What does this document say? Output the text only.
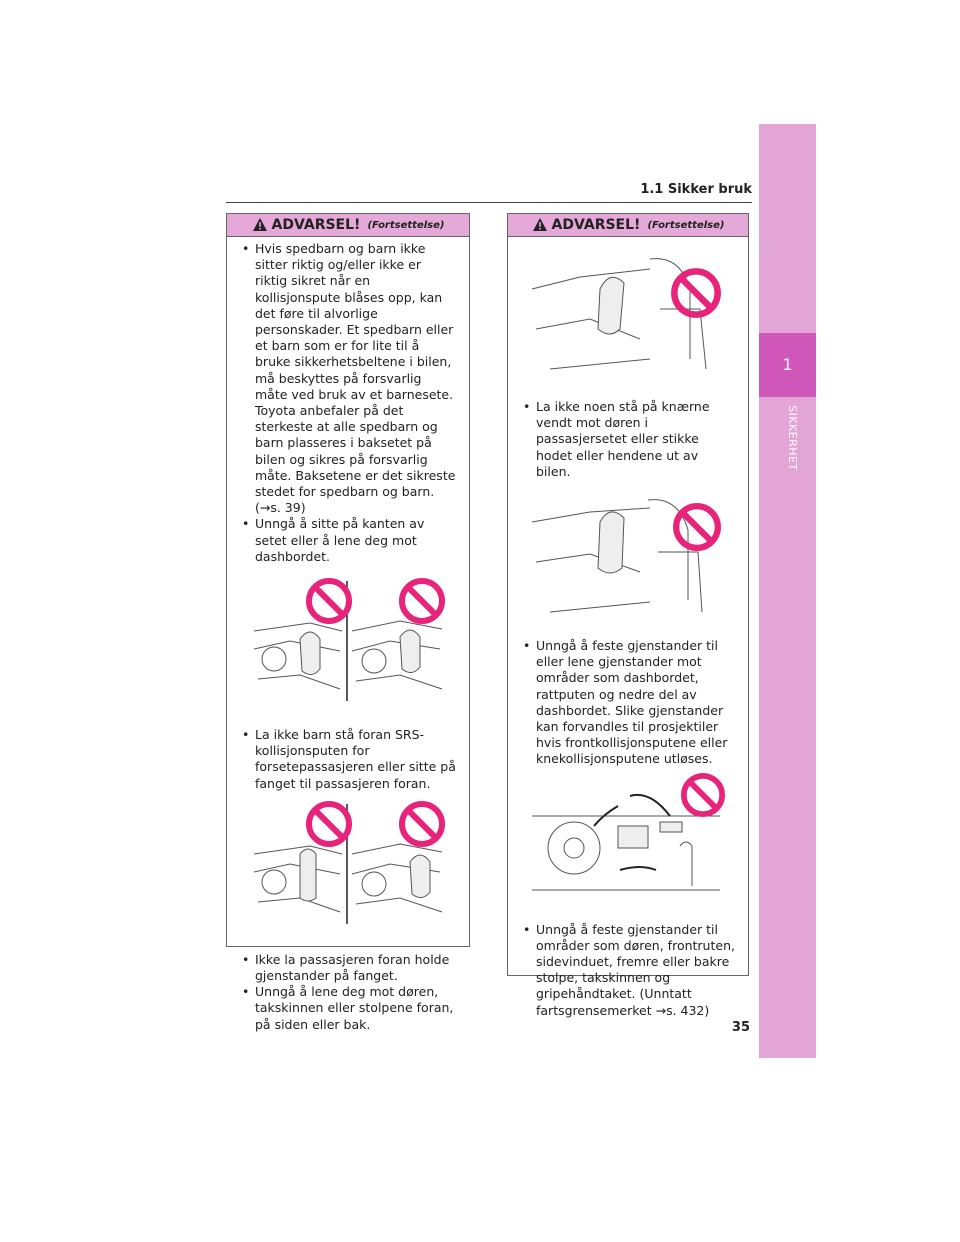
1.1 Sikker bruk
1
SIKKERHET
ADVARSEL! (Fortsettelse)
• Hvis spedbarn og barn ikke sitter riktig og/eller ikke er riktig sikret når en kollisjonspute blåses opp, kan det føre til alvorlige personskader. Et spedbarn eller et barn som er for lite til å bruke sikkerhetsbeltene i bilen, må beskyttes på forsvarlig måte ved bruk av et barnesete. Toyota anbefaler på det sterkeste at alle spedbarn og barn plasseres i baksetet på bilen og sikres på forsvarlig måte. Baksetene er det sikreste stedet for spedbarn og barn. (→s. 39)
• Unngå å sitte på kanten av setet eller å lene deg mot dashbordet.
• La ikke barn stå foran SRS-kollisjonsputen for forsetepassasjeren eller sitte på fanget til passasjeren foran.
• Ikke la passasjeren foran holde gjenstander på fanget.
• Unngå å lene deg mot døren, takskinnen eller stolpene foran, på siden eller bak.
ADVARSEL! (Fortsettelse)
• La ikke noen stå på knærne vendt mot døren i passasjersetet eller stikke hodet eller hendene ut av bilen.
• Unngå å feste gjenstander til eller lene gjenstander mot områder som dashbordet, rattputen og nedre del av dashbordet. Slike gjenstander kan forvandles til prosjektiler hvis frontkollisjonsputene eller knekollisjonsputene utløses.
• Unngå å feste gjenstander til områder som døren, frontruten, sidevinduet, fremre eller bakre stolpe, takskinnen og gripehåndtaket. (Unntatt fartsgrensemerket →s. 432)
35
